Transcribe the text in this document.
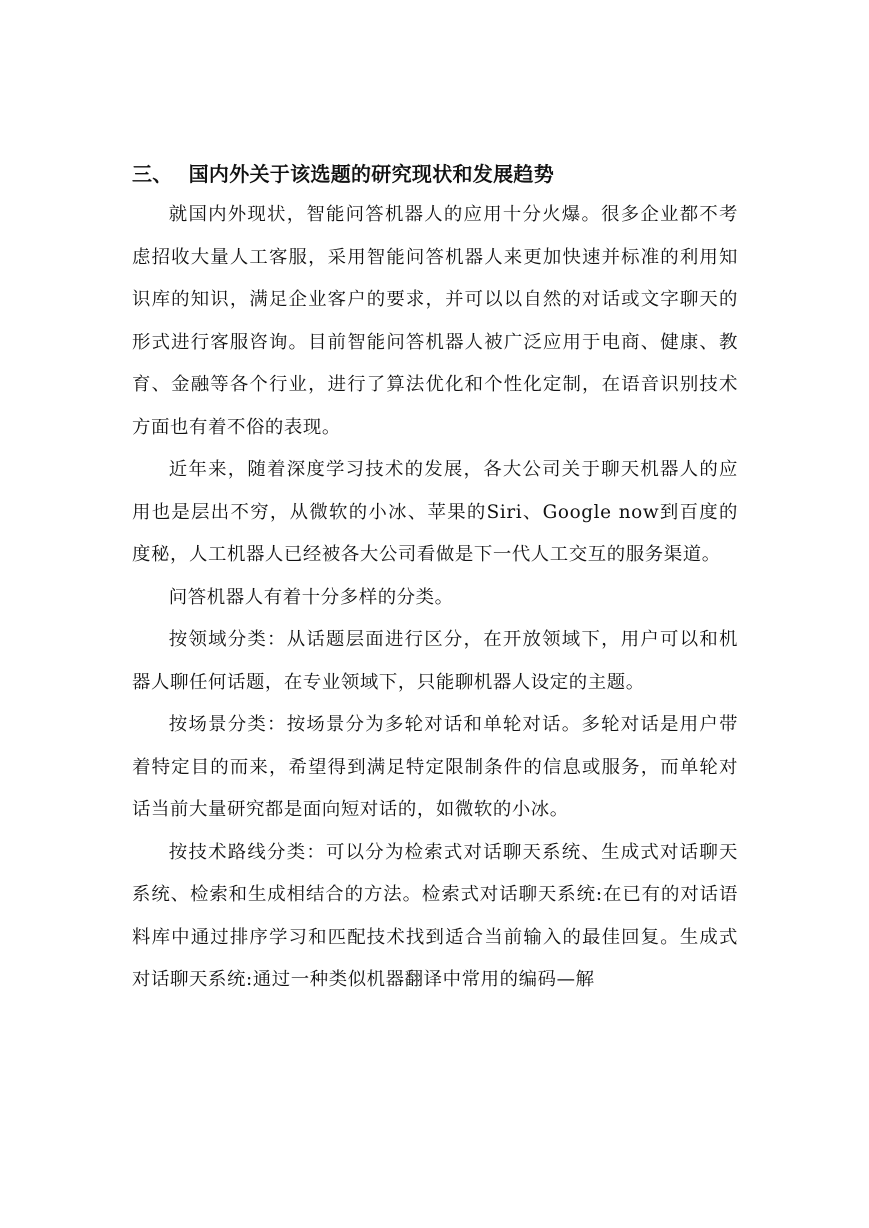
三、 国内外关于该选题的研究现状和发展趋势

就国内外现状，智能问答机器人的应用十分火爆。很多企业都不考虑招收大量人工客服，采用智能问答机器人来更加快速并标准的利用知识库的知识，满足企业客户的要求，并可以以自然的对话或文字聊天的形式进行客服咨询。目前智能问答机器人被广泛应用于电商、健康、教育、金融等各个行业，进行了算法优化和个性化定制，在语音识别技术方面也有着不俗的表现。

近年来，随着深度学习技术的发展，各大公司关于聊天机器人的应用也是层出不穷，从微软的小冰、苹果的Siri、Google now到百度的度秘，人工机器人已经被各大公司看做是下一代人工交互的服务渠道。

问答机器人有着十分多样的分类。

按领域分类：从话题层面进行区分，在开放领域下，用户可以和机器人聊任何话题，在专业领域下，只能聊机器人设定的主题。

按场景分类：按场景分为多轮对话和单轮对话。多轮对话是用户带着特定目的而来，希望得到满足特定限制条件的信息或服务，而单轮对话当前大量研究都是面向短对话的，如微软的小冰。

按技术路线分类：可以分为检索式对话聊天系统、生成式对话聊天系统、检索和生成相结合的方法。检索式对话聊天系统:在已有的对话语料库中通过排序学习和匹配技术找到适合当前输入的最佳回复。生成式对话聊天系统:通过一种类似机器翻译中常用的编码—解
